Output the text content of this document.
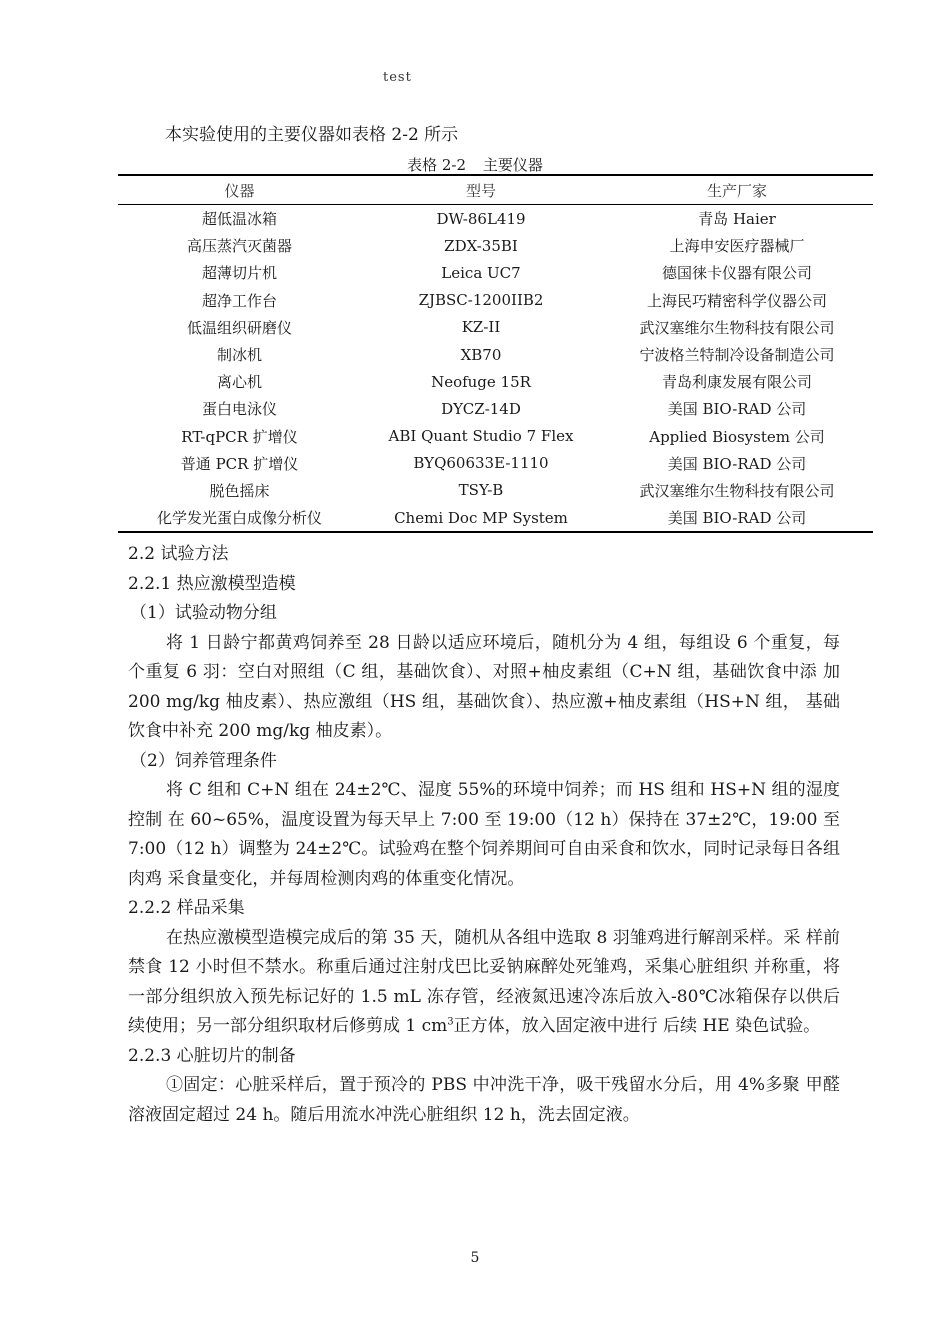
test
本实验使用的主要仪器如表格 2-2 所示
表格 2-2 主要仪器
仪器	型号	生产厂家
超低温冰箱	DW-86L419	青岛 Haier
高压蒸汽灭菌器	ZDX-35BI	上海申安医疗器械厂
超薄切片机	Leica UC7	德国徕卡仪器有限公司
超净工作台	ZJBSC-1200IIB2	上海民巧精密科学仪器公司
低温组织研磨仪	KZ-II	武汉塞维尔生物科技有限公司
制冰机	XB70	宁波格兰特制冷设备制造公司
离心机	Neofuge 15R	青岛利康发展有限公司
蛋白电泳仪	DYCZ-14D	美国 BIO-RAD 公司
RT-qPCR 扩增仪	ABI Quant Studio 7 Flex	Applied Biosystem 公司
普通 PCR 扩增仪	BYQ60633E-1110	美国 BIO-RAD 公司
脱色摇床	TSY-B	武汉塞维尔生物科技有限公司
化学发光蛋白成像分析仪	Chemi Doc MP System	美国 BIO-RAD 公司

2.2 试验方法

2.2.1 热应激模型造模

（1）试验动物分组

将 1 日龄宁都黄鸡饲养至 28 日龄以适应环境后，随机分为 4 组，每组设 6 个重复，每 个重复 6 羽：空白对照组（C 组，基础饮食）、对照+柚皮素组（C+N 组，基础饮食中添 加 200 mg/kg 柚皮素）、热应激组（HS 组，基础饮食）、热应激+柚皮素组（HS+N 组， 基础饮食中补充 200 mg/kg 柚皮素）。

（2）饲养管理条件

将 C 组和 C+N 组在 24±2℃、湿度 55%的环境中饲养；而 HS 组和 HS+N 组的湿度控制 在 60~65%，温度设置为每天早上 7:00 至 19:00（12 h）保持在 37±2℃，19:00 至 7:00（12 h）调整为 24±2℃。试验鸡在整个饲养期间可自由采食和饮水，同时记录每日各组肉鸡 采食量变化，并每周检测肉鸡的体重变化情况。

2.2.2 样品采集

在热应激模型造模完成后的第 35 天，随机从各组中选取 8 羽雏鸡进行解剖采样。采 样前禁食 12 小时但不禁水。称重后通过注射戊巴比妥钠麻醉处死雏鸡，采集心脏组织 并称重，将一部分组织放入预先标记好的 1.5 mL 冻存管，经液氮迅速冷冻后放入-80℃冰箱保存以供后续使用；另一部分组织取材后修剪成 1 $cm^3$正方体，放入固定液中进行 后续 HE 染色试验。

2.2.3 心脏切片的制备

①固定：心脏采样后，置于预冷的 PBS 中冲洗干净，吸干残留水分后，用 4%多聚 甲醛溶液固定超过 24 h。随后用流水冲洗心脏组织 12 h，洗去固定液。

5
